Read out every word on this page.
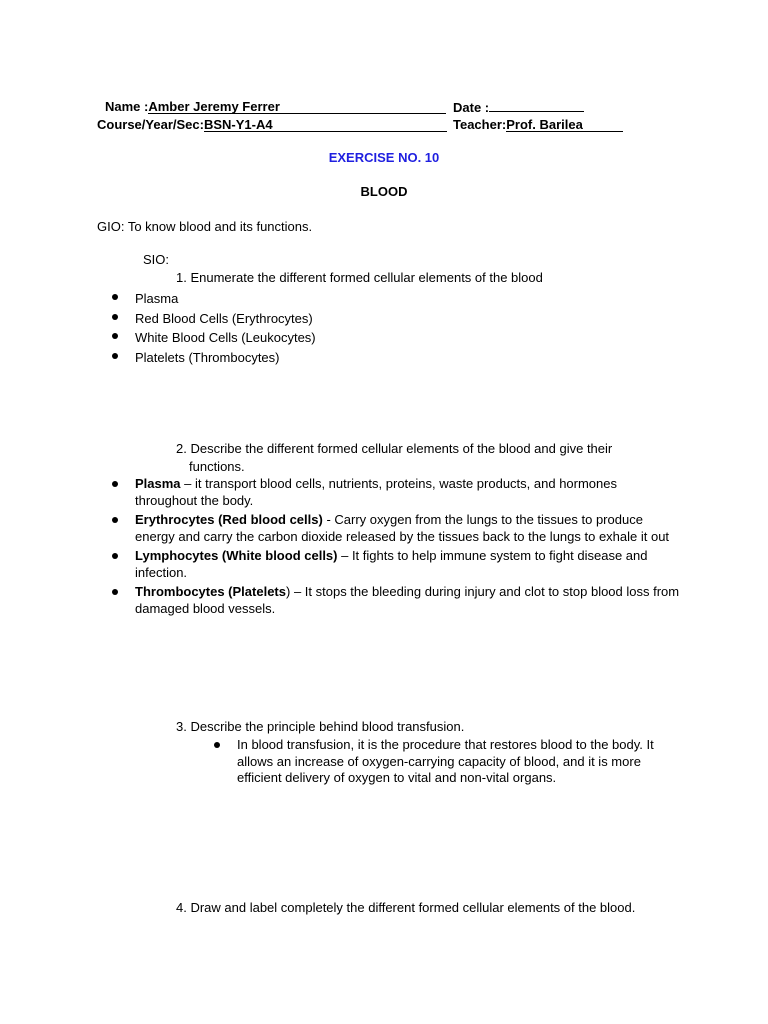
Name :Amber Jeremy Ferrer	Date :
Course/Year/Sec:BSN-Y1-A4	Teacher:Prof. Barilea
EXERCISE NO. 10
BLOOD
GIO: To know blood and its functions.
SIO:
1. Enumerate the different formed cellular elements of the blood
Plasma
Red Blood Cells (Erythrocytes)
White Blood Cells (Leukocytes)
Platelets (Thrombocytes)
2. Describe the different formed cellular elements of the blood and give their
functions.
Plasma – it transport blood cells, nutrients, proteins, waste products, and hormones throughout the body.
Erythrocytes (Red blood cells) - Carry oxygen from the lungs to the tissues to produce energy and carry the carbon dioxide released by the tissues back to the lungs to exhale it out
Lymphocytes (White blood cells) – It fights to help immune system to fight disease and infection.
Thrombocytes (Platelets) – It stops the bleeding during injury and clot to stop blood loss from damaged blood vessels.
3. Describe the principle behind blood transfusion.
In blood transfusion, it is the procedure that restores blood to the body. It allows an increase of oxygen-carrying capacity of blood, and it is more efficient delivery of oxygen to vital and non-vital organs.
4. Draw and label completely the different formed cellular elements of the blood.
